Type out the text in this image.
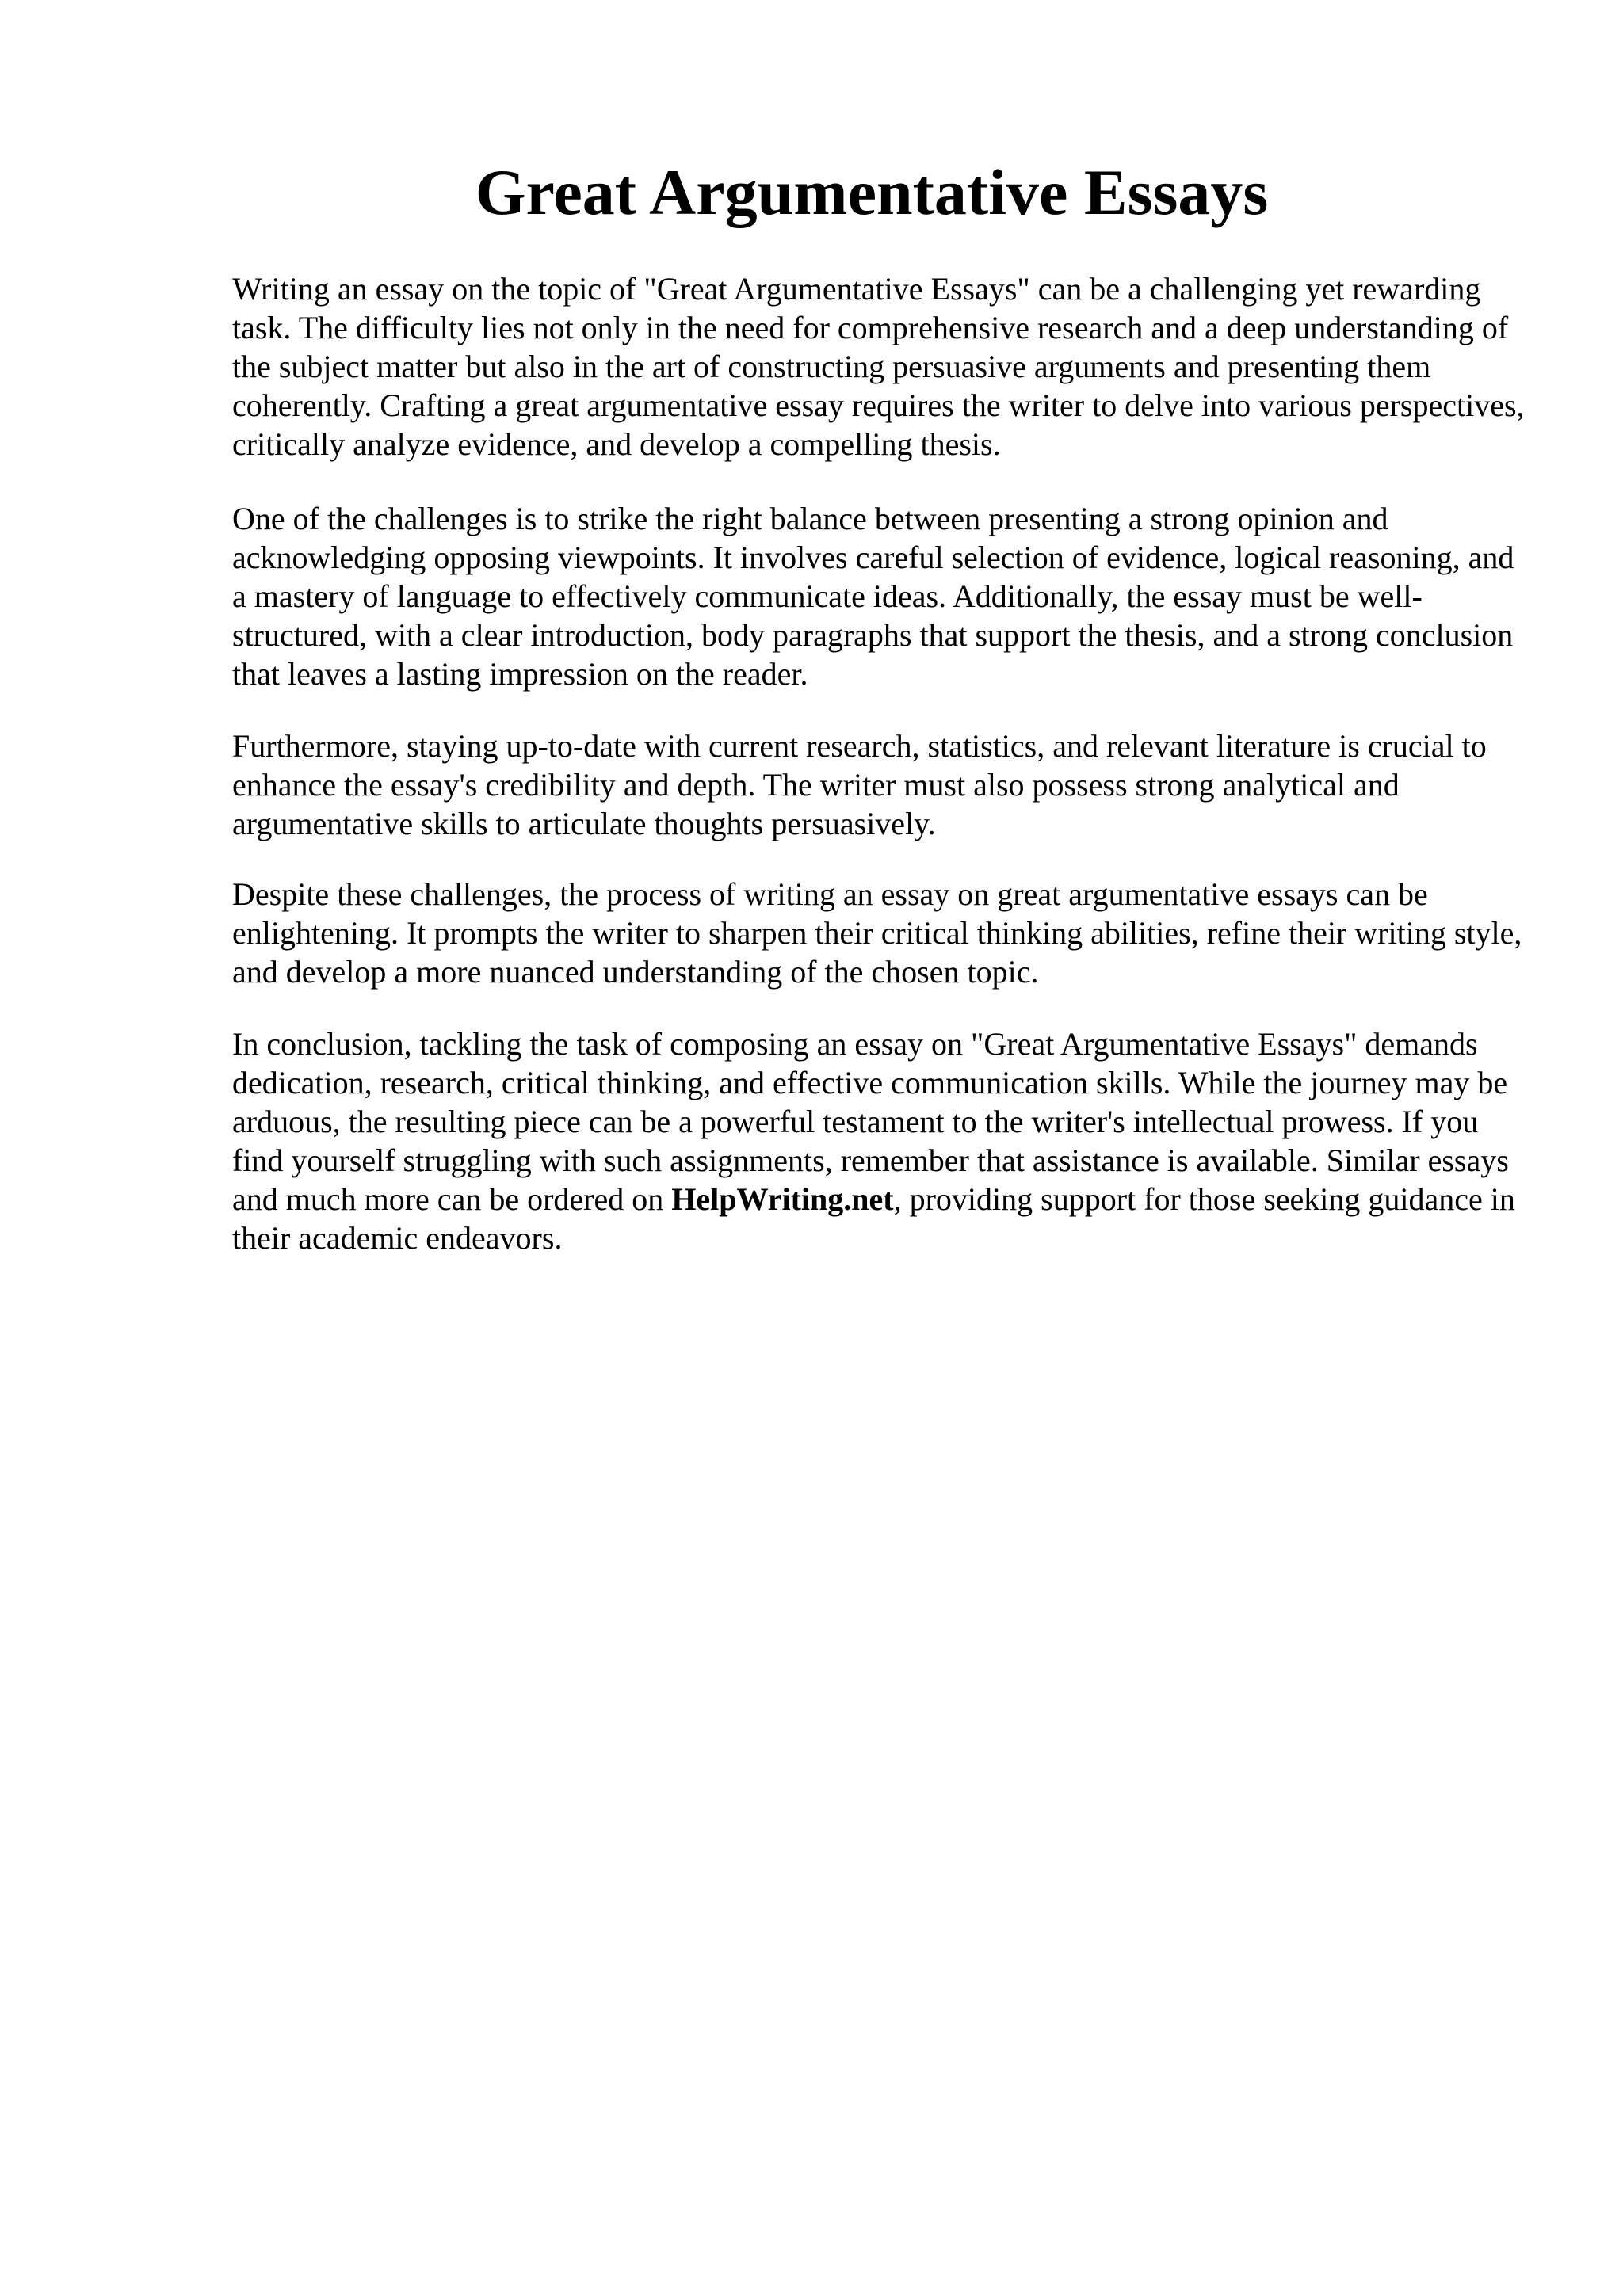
Great Argumentative Essays

Writing an essay on the topic of "Great Argumentative Essays" can be a challenging yet rewarding task. The difficulty lies not only in the need for comprehensive research and a deep understanding of the subject matter but also in the art of constructing persuasive arguments and presenting them coherently. Crafting a great argumentative essay requires the writer to delve into various perspectives, critically analyze evidence, and develop a compelling thesis.

One of the challenges is to strike the right balance between presenting a strong opinion and acknowledging opposing viewpoints. It involves careful selection of evidence, logical reasoning, and a mastery of language to effectively communicate ideas. Additionally, the essay must be well-structured, with a clear introduction, body paragraphs that support the thesis, and a strong conclusion that leaves a lasting impression on the reader.

Furthermore, staying up-to-date with current research, statistics, and relevant literature is crucial to enhance the essay's credibility and depth. The writer must also possess strong analytical and argumentative skills to articulate thoughts persuasively.

Despite these challenges, the process of writing an essay on great argumentative essays can be enlightening. It prompts the writer to sharpen their critical thinking abilities, refine their writing style, and develop a more nuanced understanding of the chosen topic.

In conclusion, tackling the task of composing an essay on "Great Argumentative Essays" demands dedication, research, critical thinking, and effective communication skills. While the journey may be arduous, the resulting piece can be a powerful testament to the writer's intellectual prowess. If you find yourself struggling with such assignments, remember that assistance is available. Similar essays and much more can be ordered on HelpWriting.net, providing support for those seeking guidance in their academic endeavors.
